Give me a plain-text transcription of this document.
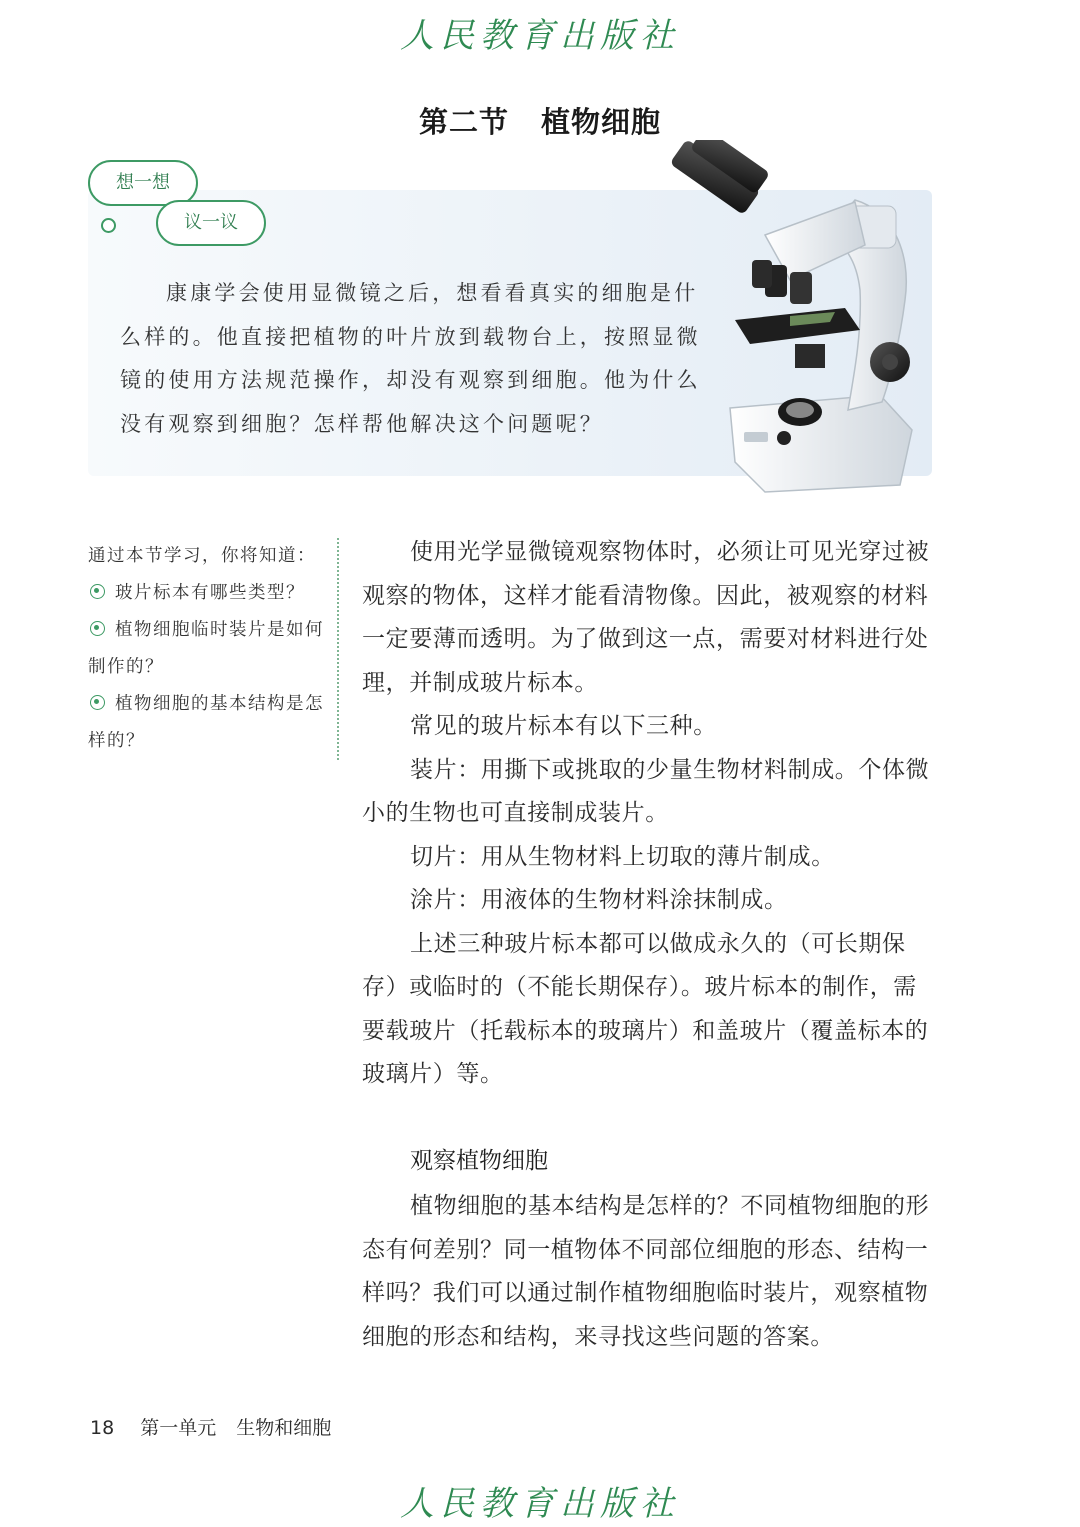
人民教育出版社
第二节 植物细胞
想一想
议一议

康康学会使用显微镜之后，想看看真实的细胞是什么样的。他直接把植物的叶片放到载物台上，按照显微镜的使用方法规范操作，却没有观察到细胞。他为什么没有观察到细胞？怎样帮他解决这个问题呢？

通过本节学习，你将知道：
玻片标本有哪些类型？
植物细胞临时装片是如何制作的？
植物细胞的基本结构是怎样的？

使用光学显微镜观察物体时，必须让可见光穿过被观察的物体，这样才能看清物像。因此，被观察的材料一定要薄而透明。为了做到这一点，需要对材料进行处理，并制成玻片标本。

常见的玻片标本有以下三种。

装片：用撕下或挑取的少量生物材料制成。个体微小的生物也可直接制成装片。

切片：用从生物材料上切取的薄片制成。

涂片：用液体的生物材料涂抹制成。

上述三种玻片标本都可以做成永久的（可长期保存）或临时的（不能长期保存）。玻片标本的制作，需要载玻片（托载标本的玻璃片）和盖玻片（覆盖标本的玻璃片）等。

观察植物细胞

植物细胞的基本结构是怎样的？不同植物细胞的形态有何差别？同一植物体不同部位细胞的形态、结构一样吗？我们可以通过制作植物细胞临时装片，观察植物细胞的形态和结构，来寻找这些问题的答案。

18 第一单元 生物和细胞
人民教育出版社
